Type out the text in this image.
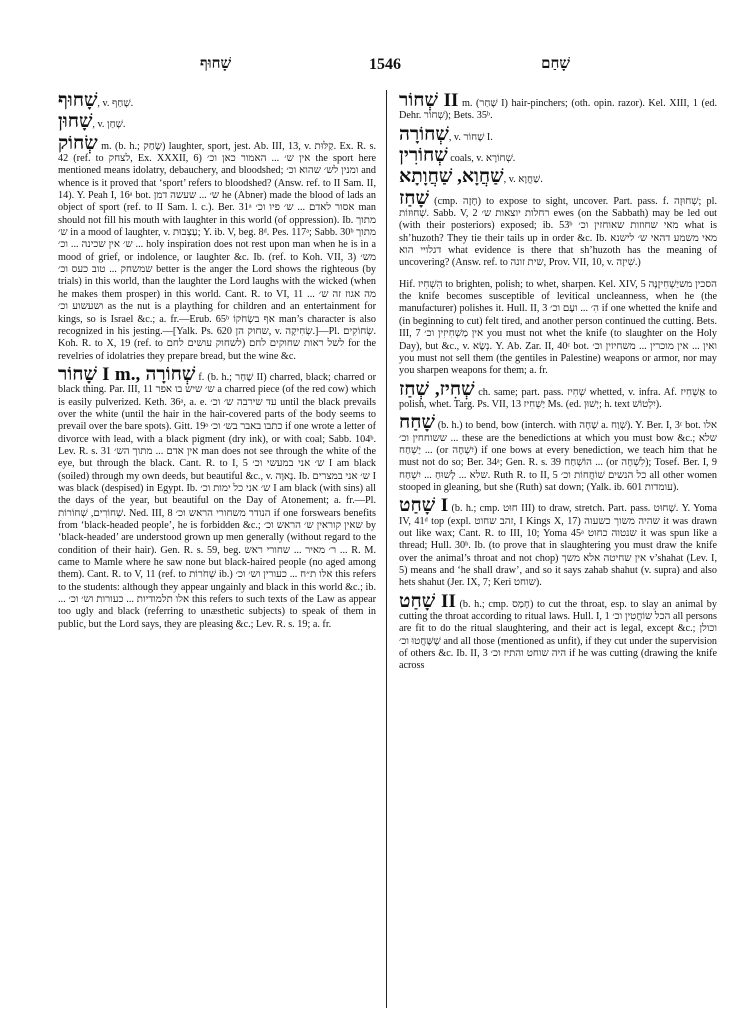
שָׁחוּף	1546	שָׁחַם

שָׁחוּף, v. שָׁחַף.

שָׁחוּן, v. שָׁחַן.

שְׂחוֹק m. (b. h.; שָׂחַק) laughter, sport, jest. Ab. III, 13, v. קַלּוּת. Ex. R. s. 42 (ref. to לצחק, Ex. XXXII, 6) אין ש׳ ... האמור כאן וכ׳ the sport here mentioned means idolatry, debauchery, and bloodshed; ומנין לש׳ שהוא וכ׳ and whence is it proved that ‘sport’ refers to bloodshed? (Answ. ref. to II Sam. II, 14). Y. Peah I, 16ᵃ bot. ש׳ ... שעשה דמן he (Abner) made the blood of lads an object of sport (ref. to II Sam. l. c.). Ber. 31ᵃ אסור לאדם ... ש׳ פיו וכ׳ man should not fill his mouth with laughter in this world (of oppression). Ib. מתוך ש׳ in a mood of laughter, v. עַצְבוּת; Y. ib. V, beg. 8ᵈ. Pes. 117ᵃ; Sabb. 30ᵇ מתוך ... ש׳ אין שכינה ... וכ׳ holy inspiration does not rest upon man when he is in a mood of grief, or indolence, or laughter &c. Ib. (ref. to Koh. VII, 3) מש׳ שמשחק ... טוב כעס וכ׳ better is the anger the Lord shows the righteous (by trials) in this world, than the laughter the Lord laughs with the wicked (when he makes them prosper) in this world. Cant. R. to VI, 11 מה אגוז זה ש׳ ... ושעשוע וכ׳ as the nut is a plaything for children and an entertainment for kings, so is Israel &c.; a. fr.—Erub. 65ᵇ אף בשְׂחֹקוֹ man’s character is also recognized in his jesting.—[Yalk. Ps. 620 שחוק הן, v. שְׂחִיקָה.]—Pl. שְׂחוֹקִים. Koh. R. to X, 19 (ref. to לשחוק עושים לחם) לשל ראות שחוקים לחם for the revelries of idolatries they prepare bread, but the wine &c.

שָׁחוֹר I m., שְׁחוֹרָה f. (b. h.; שָׁחַר II) charred, black; charred or black thing. Par. III, 11 ש׳ שיש בו אפר a charred piece (of the red cow) which is easily pulverized. Keth. 36ᵃ, a. e. עד שירבה ש׳ וכ׳ until the black prevails over the white (until the hair in the hair-covered parts of the body seems to prevail over the bare spots). Gitt. 19ᵃ כתבו באבר בש׳ וכ׳ if one wrote a letter of divorce with lead, with a black pigment (dry ink), or with coal; Sabb. 104ᵇ. Lev. R. s. 31 אין אדם ... מתוך הש׳ man does not see through the white of the eye, but through the black. Cant. R. to I, 5 ש׳ אני במעשי וכ׳ I am black (soiled) through my own deeds, but beautiful &c., v. נָאוֶה. Ib. ש׳ אני במצרים I was black (despised) in Egypt. Ib. ש׳ אני כל ימות וכ׳ I am black (with sins) all the days of the year, but beautiful on the Day of Atonement; a. fr.—Pl. שְׁחוֹרִים, שְׁחוֹרוֹת. Ned. III, 8 הנודר משחורי הראש וכ׳ if one forswears benefits from ‘black-headed people’, he is forbidden &c.; שאין קוראין ש׳ הראש וכ׳ by ‘black-headed’ are understood grown up men generally (without regard to the condition of their hair). Gen. R. s. 59, beg. ר׳ מאיר ... שחורי ראש ... R. M. came to Mamle where he saw none but black-haired people (no aged among them). Cant. R. to V, 11 (ref. to שְׁחֹרוֹת ib.) אלו ת״ח ... כעורין וש׳ וכ׳ this refers to the students: although they appear ungainly and black in this world &c.; ib. ... אלו תלמודיות ... כעורות וש׳ וכ׳ this refers to such texts of the Law as appear too ugly and black (referring to unæsthetic subjects) to speak of them in public, but the Lord says, they are pleasing &c.; Lev. R. s. 19; a. fr.

שְׁחוֹר II m. (שָׁחַר I) hair-pinchers; (oth. opin. razor). Kel. XIII, 1 (ed. Dehr. שְׁחוֹר); Bets. 35ᵇ.

שְׁחוֹרָה, v. שָׁחוֹר I.

שְׁחוֹרִין coals, v. שְׁחוֹרָא.

שַׁחֲוָא, שַׁחֲוָתָא, v. שַׁחֲוָא.

שָׁחַז (cmp. חָזָה) to expose to sight, uncover. Part. pass. f. שְׁחוּזָה; pl. שְׁחוּזוֹת. Sabb. V, 2 רחלות יוצאות ש׳ ewes (on the Sabbath) may be led out (with their posteriors) exposed; ib. 53ᵇ מאי שחוזות שאוחזין וכ׳ what is sh’huzoth? They tie their tails up in order &c. Ib. מאי משמע דהאי ש׳ לישנא דגלויי הוא what evidence is there that sh’huzoth has the meaning of uncovering? (Answ. ref. to שית זונה, Prov. VII, 10, v. שִׁיזָה.)

Hif. הִשְׁחִיז to brighten, polish; to whet, sharpen. Kel. XIV, 5 הסכין משיַשְׁחִיזֶנָּה the knife becomes susceptible of levitical uncleanness, when he (the manufacturer) polishes it. Hull. II, 3 הִ׳ ... ועָם וכ׳ if one whetted the knife and (in beginning to cut) felt tired, and another person continued the cutting. Bets. III, 7 אין מַשְׁחִיזִין וכ׳ you must not whet the knife (to slaughter on the Holy Day), but &c., v. נְשָׂא. Y. Ab. Zar. II, 40ᶜ bot. ואין ... אין מוכרין ... משחיזין וכ׳ you must not sell them (the gentiles in Palestine) weapons or armor, nor may you sharpen weapons for them; a. fr.

שְׁחִיז, שְׁחַז ch. same; part. pass. שְׁחִיז whetted, v. infra. Af. אַשְׁחִיז to polish, whet. Targ. Ps. VII, 13 יַשְׁחִיז Ms. (ed. יְשׁוּן; h. text יִלְטוֹשׁ).

שָׁחַח (b. h.) to bend, bow (interch. with שָׁחָה a. שְׁוַח). Y. Ber. I, 3ᶜ bot. אלו ... ששוחחין וכ׳ these are the benedictions at which you must bow &c.; שלא יַשְׁחַח ... (or יִשְׁחָה) if one bows at every benediction, we teach him that he must not do so; Ber. 34ᵃ; Gen. R. s. 39 הוֹשְׁחַח ... (or לִשְׁחָה); Tosef. Ber. I, 9 שלא ... לָשׁוּחַ ... יִשְׁחַח. Ruth R. to II, 5 כל הנשים שׁוֹחֲחוֹת וכ׳ all other women stooped in gleaning, but she (Ruth) sat down; (Yalk. ib. 601 עומדות).

שָׁחַט I (b. h.; cmp. חוּט III) to draw, stretch. Part. pass. שָׁחוּט. Y. Yoma IV, 41ᵈ top (expl. זהב שחוט, I Kings X, 17) שהיה משוך כשעוה it was drawn out like wax; Cant. R. to III, 10; Yoma 45ᵃ שנטוה כחוט it was spun like a thread; Hull. 30ᵇ. Ib. (to prove that in slaughtering you must draw the knife over the animal’s throat and not chop) אין שחיטה אלא משך v’shahat (Lev. I, 5) means and ‘he shall draw’, and so it says zahab shahut (v. supra) and also hets shahut (Jer. IX, 7; Keri שוחט).

שָׁחַט II (b. h.; cmp. חָמַס) to cut the throat, esp. to slay an animal by cutting the throat according to ritual laws. Hull. I, 1 הכל שוֹחֲטִין וכ׳ all persons are fit to do the ritual slaughtering, and their act is legal, except &c.; וכולן שֶׁשָּׁחֲטוּ וכ׳ and all those (mentioned as unfit), if they cut under the supervision of others &c. Ib. II, 3 היה שוחט והתיז וכ׳ if he was cutting (drawing the knife across
